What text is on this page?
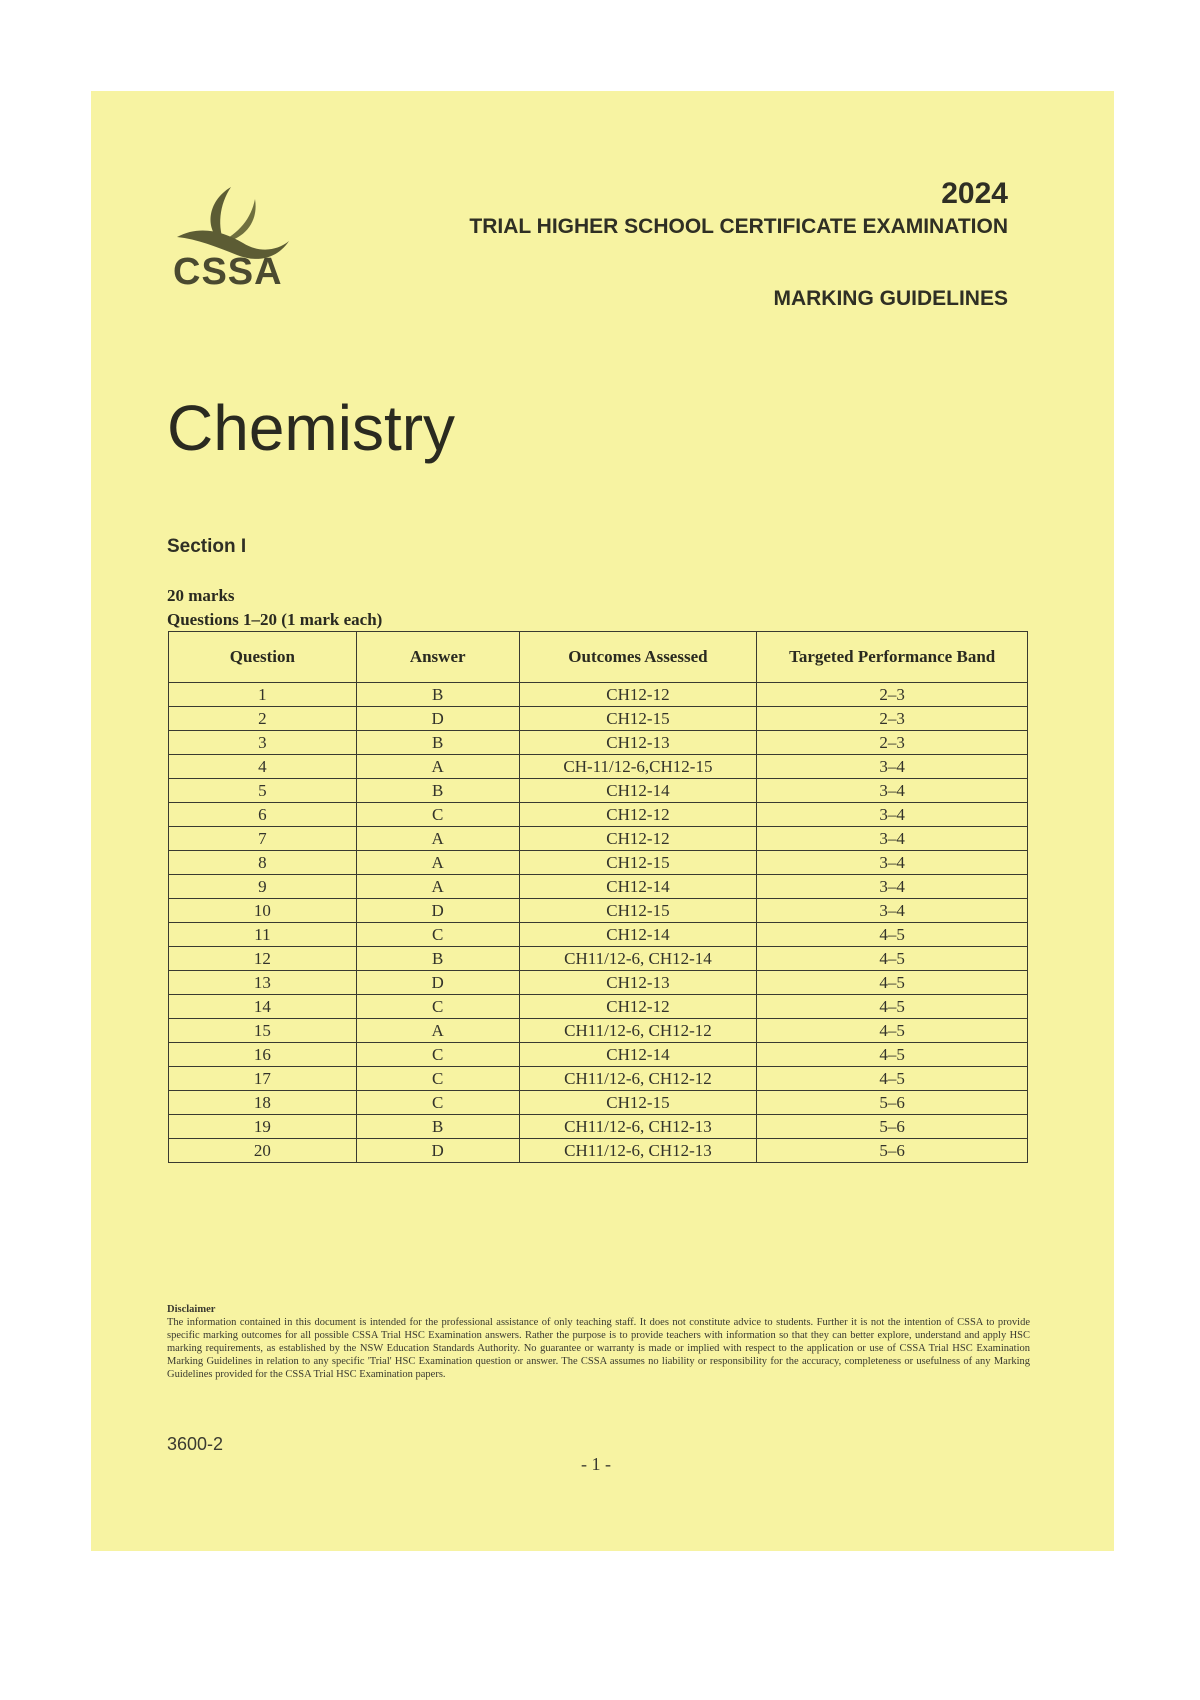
CSSA
2024
TRIAL HIGHER SCHOOL CERTIFICATE EXAMINATION
MARKING GUIDELINES
Chemistry
Section I
20 marks
Questions 1–20 (1 mark each)
Question	Answer	Outcomes Assessed	Targeted Performance Band
1	B	CH12-12	2–3
2	D	CH12-15	2–3
3	B	CH12-13	2–3
4	A	CH-11/12-6,CH12-15	3–4
5	B	CH12-14	3–4
6	C	CH12-12	3–4
7	A	CH12-12	3–4
8	A	CH12-15	3–4
9	A	CH12-14	3–4
10	D	CH12-15	3–4
11	C	CH12-14	4–5
12	B	CH11/12-6, CH12-14	4–5
13	D	CH12-13	4–5
14	C	CH12-12	4–5
15	A	CH11/12-6, CH12-12	4–5
16	C	CH12-14	4–5
17	C	CH11/12-6, CH12-12	4–5
18	C	CH12-15	5–6
19	B	CH11/12-6, CH12-13	5–6
20	D	CH11/12-6, CH12-13	5–6
Disclaimer
The information contained in this document is intended for the professional assistance of only teaching staff. It does not constitute advice to students. Further it is not the intention of CSSA to provide specific marking outcomes for all possible CSSA Trial HSC Examination answers. Rather the purpose is to provide teachers with information so that they can better explore, understand and apply HSC marking requirements, as established by the NSW Education Standards Authority. No guarantee or warranty is made or implied with respect to the application or use of CSSA Trial HSC Examination Marking Guidelines in relation to any specific 'Trial' HSC Examination question or answer. The CSSA assumes no liability or responsibility for the accuracy, completeness or usefulness of any Marking Guidelines provided for the CSSA Trial HSC Examination papers.
3600-2
- 1 -
